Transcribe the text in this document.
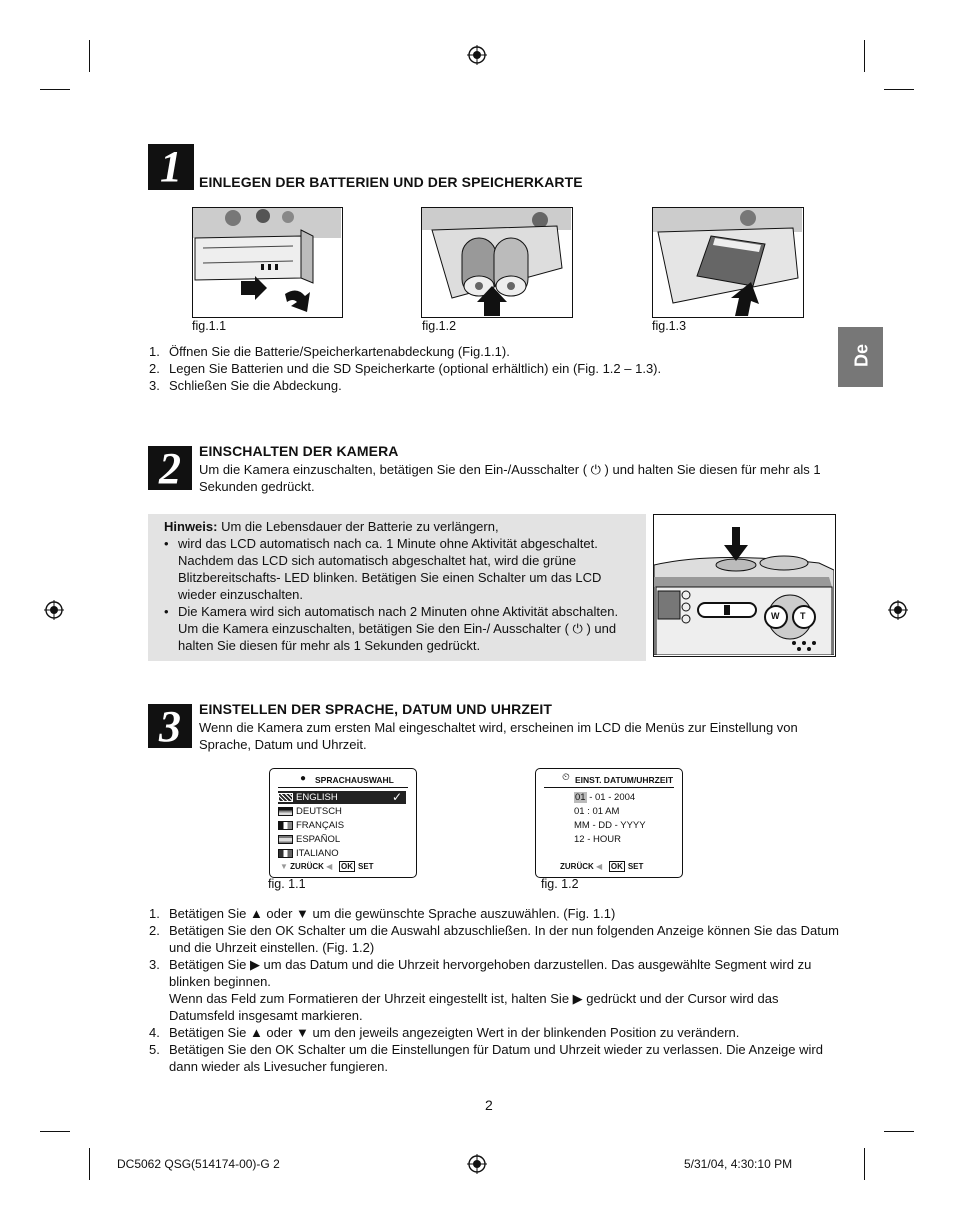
De
1	EINLEGEN DER BATTERIEN UND DER SPEICHERKARTE
fig.1.1	fig.1.2	fig.1.3
1. Öffnen Sie die Batterie/Speicherkartenabdeckung (Fig.1.1).
2. Legen Sie Batterien und die SD Speicherkarte (optional erhältlich) ein (Fig. 1.2 – 1.3).
3. Schließen Sie die Abdeckung.
2	EINSCHALTEN DER KAMERA
Um die Kamera einzuschalten, betätigen Sie den Ein-/Ausschalter ( ⏻ ) und halten Sie diesen für mehr als 1 Sekunden gedrückt.
Hinweis: Um die Lebensdauer der Batterie zu verlängern,
• wird das LCD automatisch nach ca. 1 Minute ohne Aktivität abgeschaltet. Nachdem das LCD sich automatisch abgeschaltet hat, wird die grüne Blitzbereitschafts- LED blinken. Betätigen Sie einen Schalter um das LCD wieder einzuschalten.
• Die Kamera wird sich automatisch nach 2 Minuten ohne Aktivität abschalten. Um die Kamera einzuschalten, betätigen Sie den Ein-/ Ausschalter ( ⏻ ) und halten Sie diesen für mehr als 1 Sekunden gedrückt.
W T
3	EINSTELLEN DER SPRACHE, DATUM UND UHRZEIT
Wenn die Kamera zum ersten Mal eingeschaltet wird, erscheinen im LCD die Menüs zur Einstellung von Sprache, Datum und Uhrzeit.
● SPRACHAUSWAHL
ENGLISH	✓
DEUTSCH
FRANÇAIS
ESPAÑOL
ITALIANO
▼ ZURÜCK ◀ OK SET
⏲ EINST. DATUM/UHRZEIT
01 - 01 - 2004
01 : 01 AM
MM - DD - YYYY
12 - HOUR
ZURÜCK ◀ OK SET
fig. 1.1	fig. 1.2
1. Betätigen Sie ▲ oder ▼ um die gewünschte Sprache auszuwählen. (Fig. 1.1)
2. Betätigen Sie den OK Schalter um die Auswahl abzuschließen. In der nun folgenden Anzeige können Sie das Datum und die Uhrzeit einstellen. (Fig. 1.2)
3. Betätigen Sie ▶ um das Datum und die Uhrzeit hervorgehoben darzustellen. Das ausgewählte Segment wird zu blinken beginnen.
Wenn das Feld zum Formatieren der Uhrzeit eingestellt ist, halten Sie ▶ gedrückt und der Cursor wird das Datumsfeld insgesamt markieren.
4. Betätigen Sie ▲ oder ▼ um den jeweils angezeigten Wert in der blinkenden Position zu verändern.
5. Betätigen Sie den OK Schalter um die Einstellungen für Datum und Uhrzeit wieder zu verlassen. Die Anzeige wird dann wieder als Livesucher fungieren.
2
DC5062 QSG(514174-00)-G 2	5/31/04, 4:30:10 PM
